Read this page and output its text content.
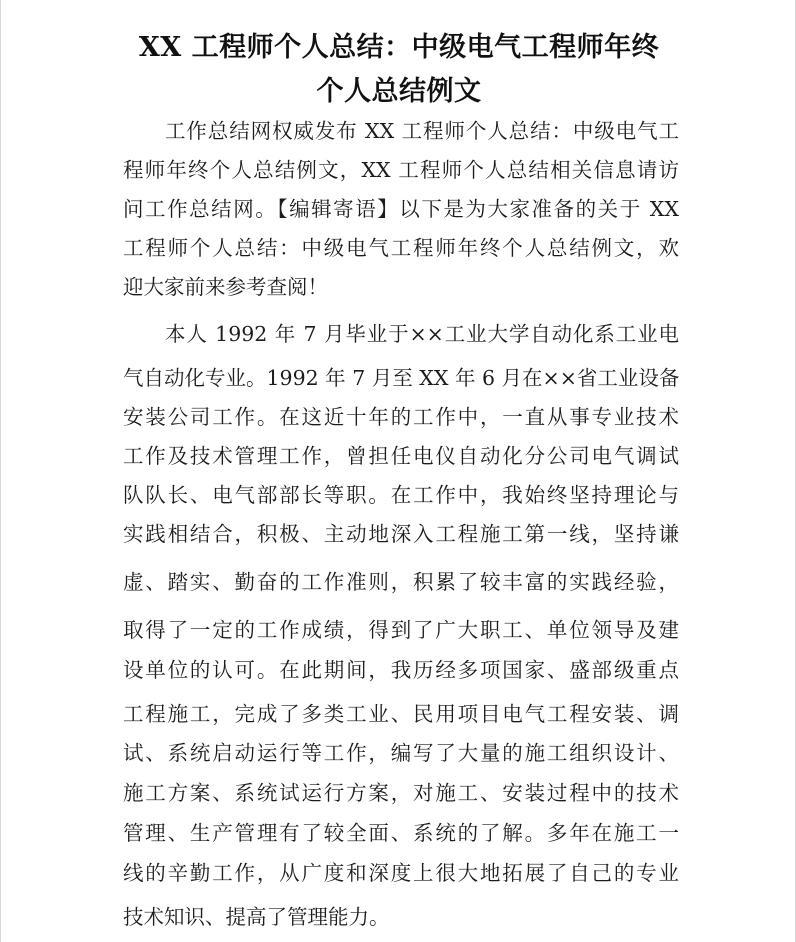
XX 工程师个人总结：中级电气工程师年终
个人总结例文
工作总结网权威发布 XX 工程师个人总结：中级电气工
程师年终个人总结例文，XX 工程师个人总结相关信息请访
问工作总结网。【编辑寄语】以下是为大家准备的关于 XX
工程师个人总结：中级电气工程师年终个人总结例文，欢
迎大家前来参考查阅！
本人 1992 年 7 月毕业于××工业大学自动化系工业电
气自动化专业。1992 年 7 月至 XX 年 6 月在××省工业设备
安装公司工作。在这近十年的工作中，一直从事专业技术
工作及技术管理工作，曾担任电仪自动化分公司电气调试
队队长、电气部部长等职。在工作中，我始终坚持理论与
实践相结合，积极、主动地深入工程施工第一线，坚持谦
虚、踏实、勤奋的工作准则，积累了较丰富的实践经验，
取得了一定的工作成绩，得到了广大职工、单位领导及建
设单位的认可。在此期间，我历经多项国家、盛部级重点
工程施工，完成了多类工业、民用项目电气工程安装、调
试、系统启动运行等工作，编写了大量的施工组织设计、
施工方案、系统试运行方案，对施工、安装过程中的技术
管理、生产管理有了较全面、系统的了解。多年在施工一
线的辛勤工作，从广度和深度上很大地拓展了自己的专业
技术知识、提高了管理能力。
